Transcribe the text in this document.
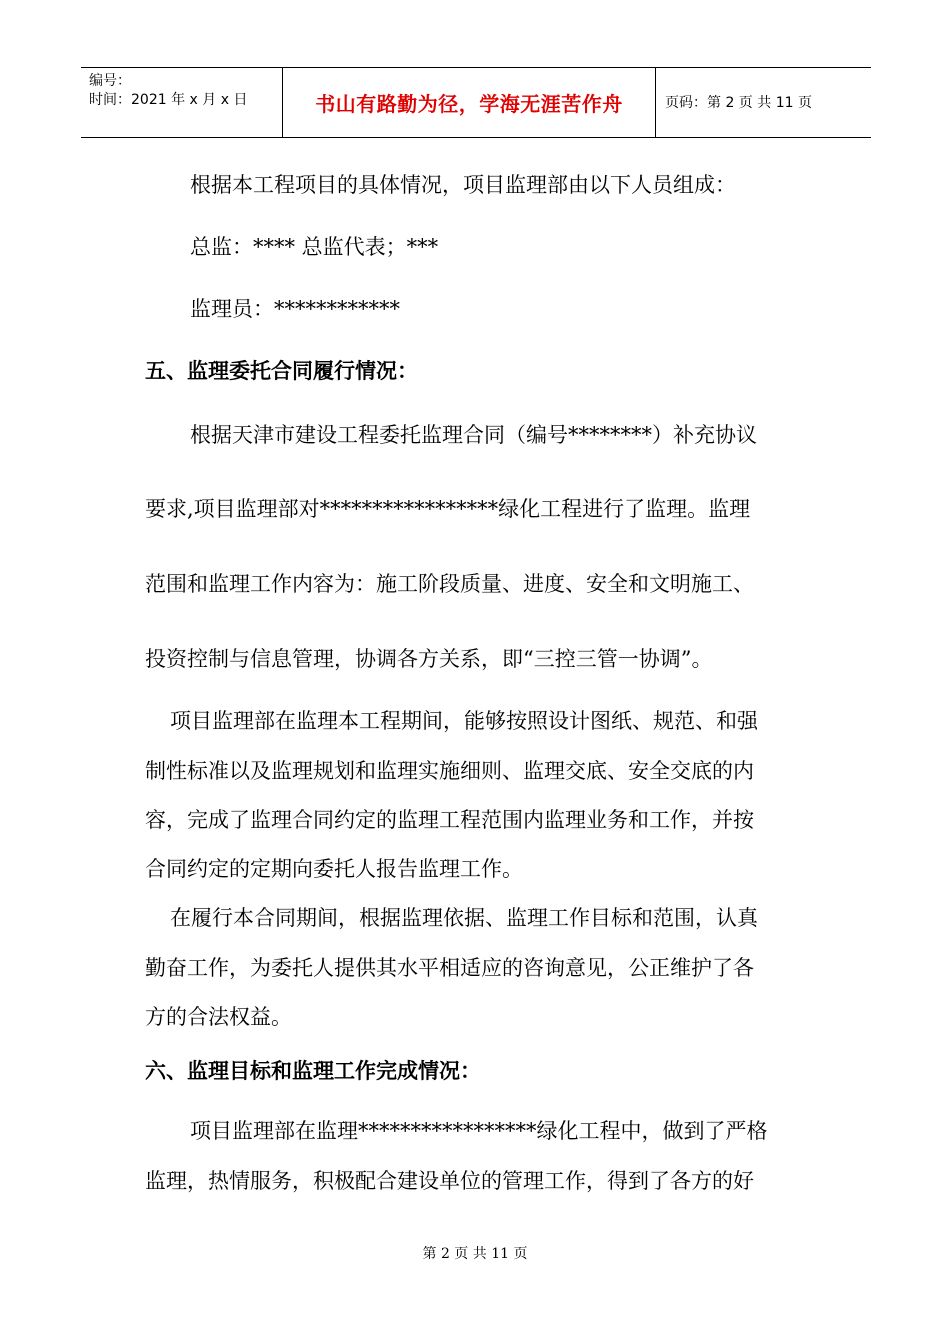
编号：
时间：2021 年 x 月 x 日	书山有路勤为径，学海无涯苦作舟	页码：第 2 页 共 11 页
根据本工程项目的具体情况，项目监理部由以下人员组成：
总监：**** 总监代表；***
监理员：************
五、监理委托合同履行情况：
根据天津市建设工程委托监理合同（编号********）补充协议
要求,项目监理部对*****************绿化工程进行了监理。监理
范围和监理工作内容为：施工阶段质量、进度、安全和文明施工、
投资控制与信息管理，协调各方关系，即“三控三管一协调”。
项目监理部在监理本工程期间，能够按照设计图纸、规范、和强
制性标准以及监理规划和监理实施细则、监理交底、安全交底的内
容，完成了监理合同约定的监理工程范围内监理业务和工作，并按
合同约定的定期向委托人报告监理工作。
在履行本合同期间，根据监理依据、监理工作目标和范围，认真
勤奋工作，为委托人提供其水平相适应的咨询意见，公正维护了各
方的合法权益。
六、监理目标和监理工作完成情况：
项目监理部在监理*****************绿化工程中，做到了严格
监理，热情服务，积极配合建设单位的管理工作，得到了各方的好
第 2 页 共 11 页
